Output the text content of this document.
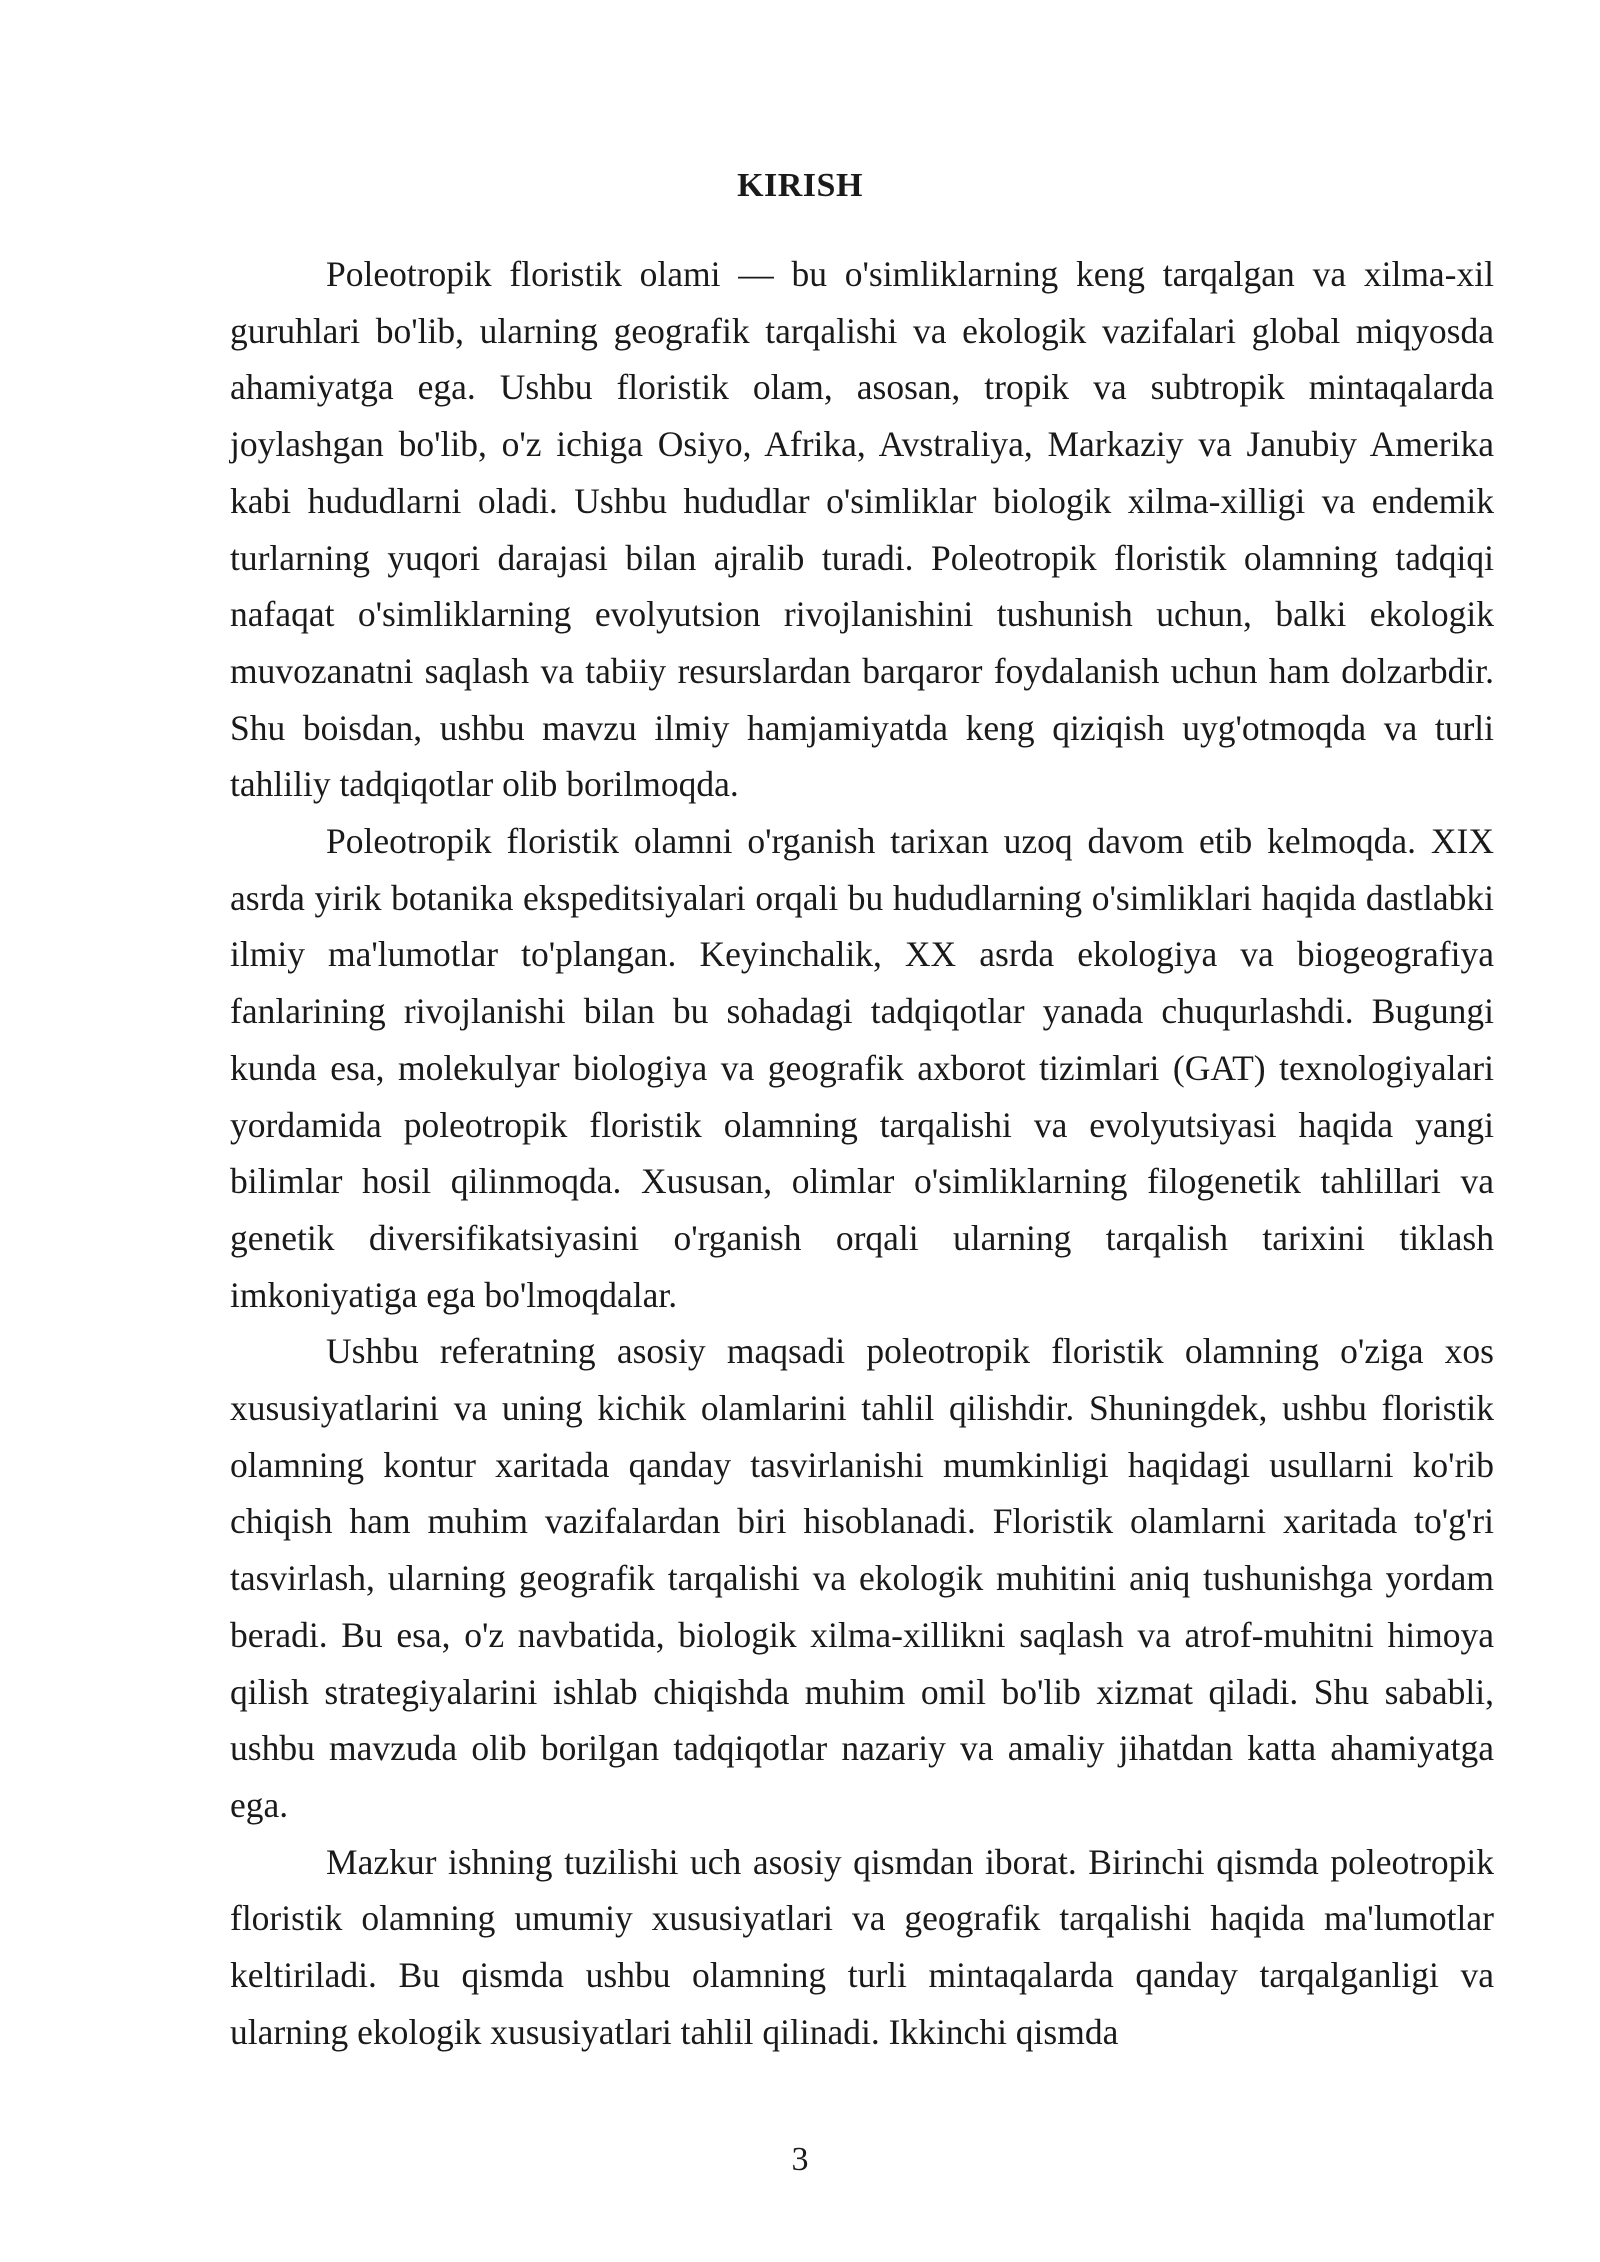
KIRISH

Poleotropik floristik olami — bu o'simliklarning keng tarqalgan va xilma-xil guruhlari bo'lib, ularning geografik tarqalishi va ekologik vazifalari global miqyosda ahamiyatga ega. Ushbu floristik olam, asosan, tropik va subtropik mintaqalarda joylashgan bo'lib, o'z ichiga Osiyo, Afrika, Avstraliya, Markaziy va Janubiy Amerika kabi hududlarni oladi. Ushbu hududlar o'simliklar biologik xilma-xilligi va endemik turlarning yuqori darajasi bilan ajralib turadi. Poleotropik floristik olamning tadqiqi nafaqat o'simliklarning evolyutsion rivojlanishini tushunish uchun, balki ekologik muvozanatni saqlash va tabiiy resurslardan barqaror foydalanish uchun ham dolzarbdir. Shu boisdan, ushbu mavzu ilmiy hamjamiyatda keng qiziqish uyg'otmoqda va turli tahliliy tadqiqotlar olib borilmoqda.

Poleotropik floristik olamni o'rganish tarixan uzoq davom etib kelmoqda. XIX asrda yirik botanika ekspeditsiyalari orqali bu hududlarning o'simliklari haqida dastlabki ilmiy ma'lumotlar to'plangan. Keyinchalik, XX asrda ekologiya va biogeografiya fanlarining rivojlanishi bilan bu sohadagi tadqiqotlar yanada chuqurlashdi. Bugungi kunda esa, molekulyar biologiya va geografik axborot tizimlari (GAT) texnologiyalari yordamida poleotropik floristik olamning tarqalishi va evolyutsiyasi haqida yangi bilimlar hosil qilinmoqda. Xususan, olimlar o'simliklarning filogenetik tahlillari va genetik diversifikatsiyasini o'rganish orqali ularning tarqalish tarixini tiklash imkoniyatiga ega bo'lmoqdalar.

Ushbu referatning asosiy maqsadi poleotropik floristik olamning o'ziga xos xususiyatlarini va uning kichik olamlarini tahlil qilishdir. Shuningdek, ushbu floristik olamning kontur xaritada qanday tasvirlanishi mumkinligi haqidagi usullarni ko'rib chiqish ham muhim vazifalardan biri hisoblanadi. Floristik olamlarni xaritada to'g'ri tasvirlash, ularning geografik tarqalishi va ekologik muhitini aniq tushunishga yordam beradi. Bu esa, o'z navbatida, biologik xilma-xillikni saqlash va atrof-muhitni himoya qilish strategiyalarini ishlab chiqishda muhim omil bo'lib xizmat qiladi. Shu sababli, ushbu mavzuda olib borilgan tadqiqotlar nazariy va amaliy jihatdan katta ahamiyatga ega.

Mazkur ishning tuzilishi uch asosiy qismdan iborat. Birinchi qismda poleotropik floristik olamning umumiy xususiyatlari va geografik tarqalishi haqida ma'lumotlar keltiriladi. Bu qismda ushbu olamning turli mintaqalarda qanday tarqalganligi va ularning ekologik xususiyatlari tahlil qilinadi. Ikkinchi qismda

3
